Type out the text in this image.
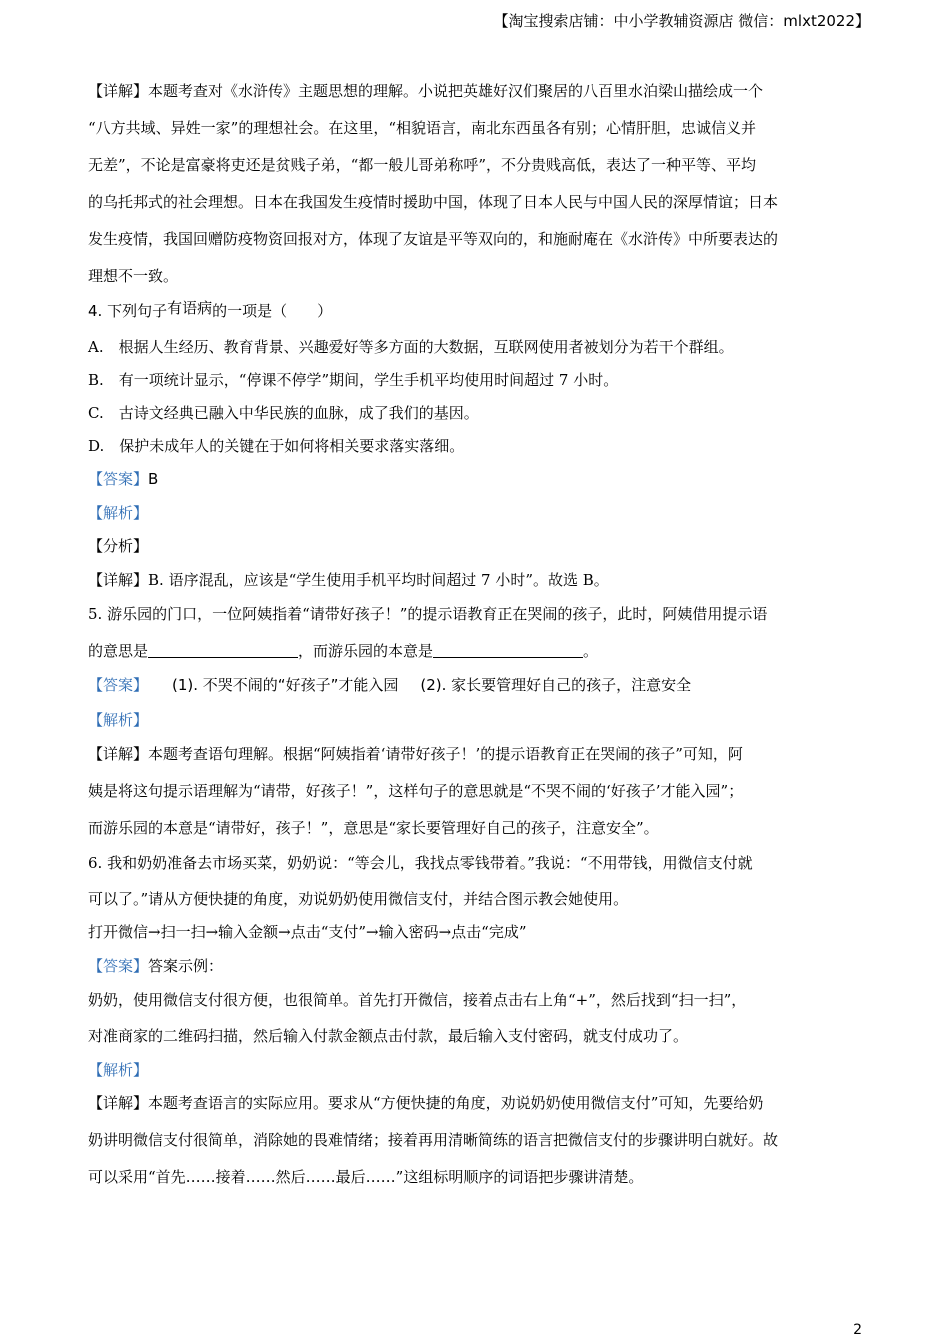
【淘宝搜索店铺：中小学教辅资源店 微信：mlxt2022】

【详解】本题考查对《水浒传》主题思想的理解。小说把英雄好汉们聚居的八百里水泊梁山描绘成一个

“八方共域、异姓一家”的理想社会。在这里，“相貌语言，南北东西虽各有别；心情肝胆，忠诚信义并

无差”，不论是富豪将吏还是贫贱子弟，“都一般儿哥弟称呼”，不分贵贱高低，表达了一种平等、平均

的乌托邦式的社会理想。日本在我国发生疫情时援助中国，体现了日本人民与中国人民的深厚情谊；日本

发生疫情，我国回赠防疫物资回报对方，体现了友谊是平等双向的，和施耐庵在《水浒传》中所要表达的

理想不一致。

4. 下列句子有语病的一项是（　　）

A.　根据人生经历、教育背景、兴趣爱好等多方面的大数据，互联网使用者被划分为若干个群组。

B.　有一项统计显示，“停课不停学”期间，学生手机平均使用时间超过 7 小时。

C.　古诗文经典已融入中华民族的血脉，成了我们的基因。

D.　保护未成年人的关键在于如何将相关要求落实落细。

【答案】B

【解析】

【分析】

【详解】B. 语序混乱，应该是“学生使用手机平均时间超过 7 小时”。故选 B。

5. 游乐园的门口，一位阿姨指着“请带好孩子！”的提示语教育正在哭闹的孩子，此时，阿姨借用提示语

的意思是	，而游乐园的本意是	。

【答案】 (1). 不哭不闹的“好孩子”才能入园 (2). 家长要管理好自己的孩子，注意安全

【解析】

【详解】本题考查语句理解。根据“阿姨指着‘请带好孩子！’的提示语教育正在哭闹的孩子”可知，阿

姨是将这句提示语理解为“请带，好孩子！”，这样句子的意思就是“不哭不闹的‘好孩子’才能入园”；

而游乐园的本意是“请带好，孩子！”，意思是“家长要管理好自己的孩子，注意安全”。

6. 我和奶奶准备去市场买菜，奶奶说：“等会儿，我找点零钱带着。”我说：“不用带钱，用微信支付就

可以了。”请从方便快捷的角度，劝说奶奶使用微信支付，并结合图示教会她使用。

打开微信→扫一扫→输入金额→点击“支付”→输入密码→点击“完成”

【答案】答案示例：

奶奶，使用微信支付很方便，也很简单。首先打开微信，接着点击右上角“+”，然后找到“扫一扫”，

对准商家的二维码扫描，然后输入付款金额点击付款，最后输入支付密码，就支付成功了。

【解析】

【详解】本题考查语言的实际应用。要求从“方便快捷的角度，劝说奶奶使用微信支付”可知，先要给奶

奶讲明微信支付很简单，消除她的畏难情绪；接着再用清晰简练的语言把微信支付的步骤讲明白就好。故

可以采用“首先……接着……然后……最后……”这组标明顺序的词语把步骤讲清楚。

2
